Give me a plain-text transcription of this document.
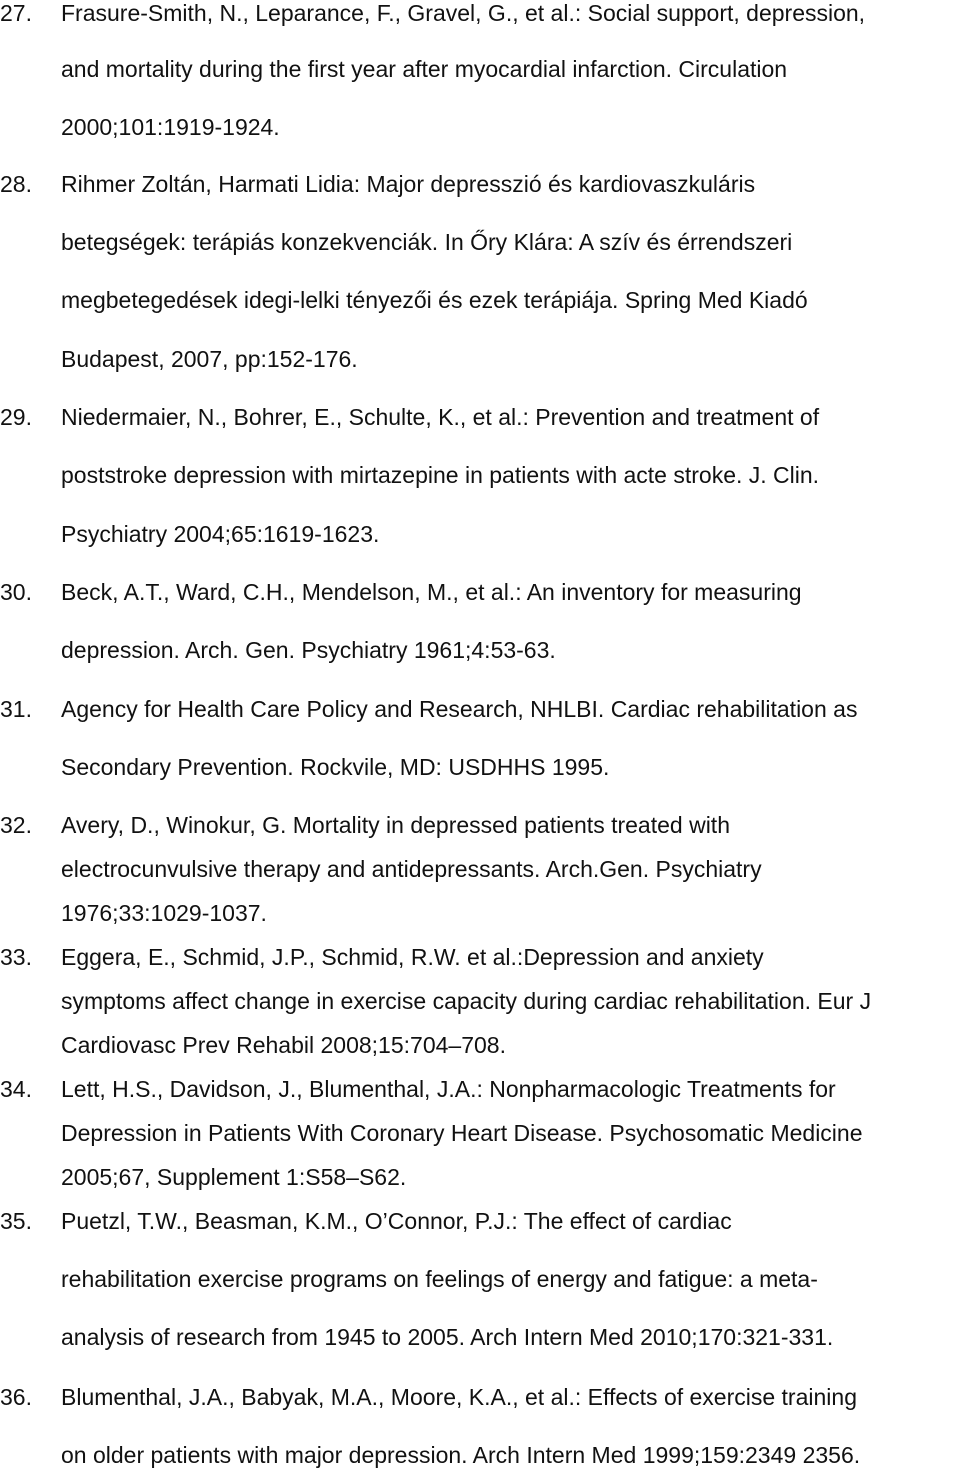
27. Frasure-Smith, N., Leparance, F., Gravel, G., et al.: Social support, depression,
and mortality during the first year after myocardial infarction. Circulation
2000;101:1919-1924.
28. Rihmer Zoltán, Harmati Lidia: Major depresszió és kardiovaszkuláris
betegségek: terápiás konzekvenciák. In Őry Klára: A szív és érrendszeri
megbetegedések idegi-lelki tényezői és ezek terápiája. Spring Med Kiadó
Budapest, 2007, pp:152-176.
29. Niedermaier, N., Bohrer, E., Schulte, K., et al.: Prevention and treatment of
poststroke depression with mirtazepine in patients with acte stroke. J. Clin.
Psychiatry 2004;65:1619-1623.
30. Beck, A.T., Ward, C.H., Mendelson, M., et al.: An inventory for measuring
depression. Arch. Gen. Psychiatry 1961;4:53-63.
31. Agency for Health Care Policy and Research, NHLBI. Cardiac rehabilitation as
Secondary Prevention. Rockvile, MD: USDHHS 1995.
32. Avery, D., Winokur, G. Mortality in depressed patients treated with
electrocunvulsive therapy and antidepressants. Arch.Gen. Psychiatry
1976;33:1029-1037.
33. Eggera, E., Schmid, J.P., Schmid, R.W. et al.:Depression and anxiety
symptoms affect change in exercise capacity during cardiac rehabilitation. Eur J
Cardiovasc Prev Rehabil 2008;15:704–708.
34. Lett, H.S., Davidson, J., Blumenthal, J.A.: Nonpharmacologic Treatments for
Depression in Patients With Coronary Heart Disease. Psychosomatic Medicine
2005;67, Supplement 1:S58–S62.
35. Puetzl, T.W., Beasman, K.M., O’Connor, P.J.: The effect of cardiac
rehabilitation exercise programs on feelings of energy and fatigue: a meta-
analysis of research from 1945 to 2005. Arch Intern Med 2010;170:321-331.
36. Blumenthal, J.A., Babyak, M.A., Moore, K.A., et al.: Effects of exercise training
on older patients with major depression. Arch Intern Med 1999;159:2349 2356.
